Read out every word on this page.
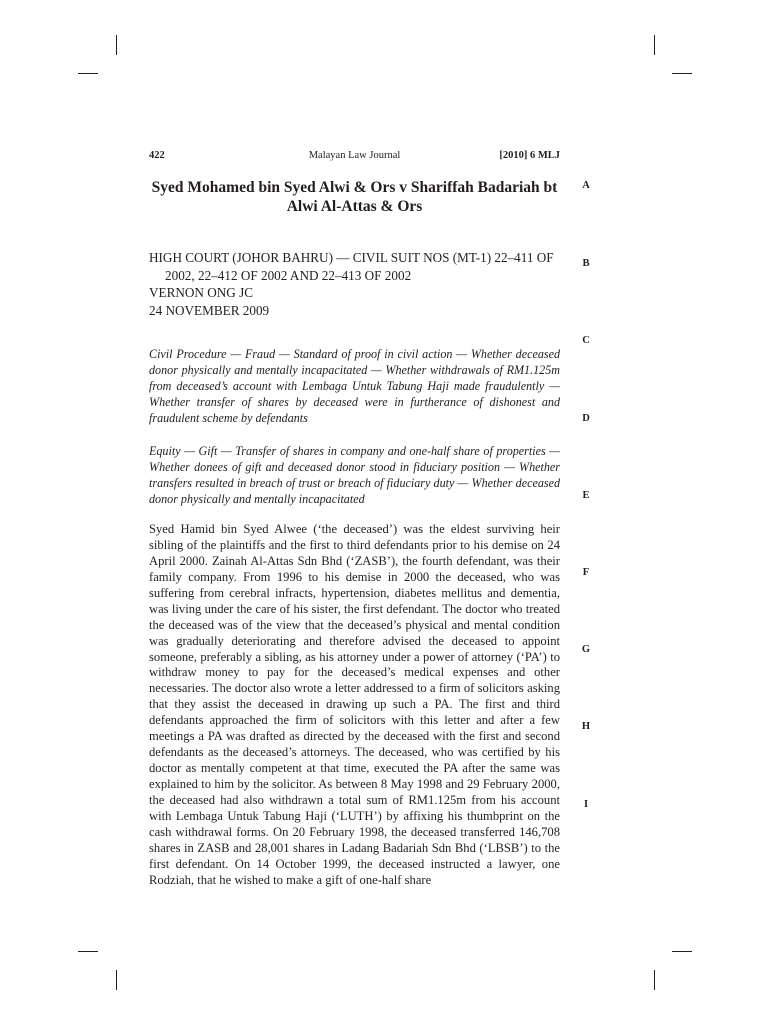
422	Malayan Law Journal	[2010] 6 MLJ
Syed Mohamed bin Syed Alwi & Ors v Shariffah Badariah bt Alwi Al-Attas & Ors
HIGH COURT (JOHOR BAHRU) — CIVIL SUIT NOS (MT-1) 22–411 OF 2002, 22–412 OF 2002 AND 22–413 OF 2002
VERNON ONG JC
24 NOVEMBER 2009

Civil Procedure — Fraud — Standard of proof in civil action — Whether deceased donor physically and mentally incapacitated — Whether withdrawals of RM1.125m from deceased’s account with Lembaga Untuk Tabung Haji made fraudulently — Whether transfer of shares by deceased were in furtherance of dishonest and fraudulent scheme by defendants

Equity — Gift — Transfer of shares in company and one-half share of properties — Whether donees of gift and deceased donor stood in fiduciary position — Whether transfers resulted in breach of trust or breach of fiduciary duty — Whether deceased donor physically and mentally incapacitated

Syed Hamid bin Syed Alwee (‘the deceased’) was the eldest surviving heir sibling of the plaintiffs and the first to third defendants prior to his demise on 24 April 2000. Zainah Al-Attas Sdn Bhd (‘ZASB’), the fourth defendant, was their family company. From 1996 to his demise in 2000 the deceased, who was suffering from cerebral infracts, hypertension, diabetes mellitus and dementia, was living under the care of his sister, the first defendant. The doctor who treated the deceased was of the view that the deceased’s physical and mental condition was gradually deteriorating and therefore advised the deceased to appoint someone, preferably a sibling, as his attorney under a power of attorney (‘PA’) to withdraw money to pay for the deceased’s medical expenses and other necessaries. The doctor also wrote a letter addressed to a firm of solicitors asking that they assist the deceased in drawing up such a PA. The first and third defendants approached the firm of solicitors with this letter and after a few meetings a PA was drafted as directed by the deceased with the first and second defendants as the deceased’s attorneys. The deceased, who was certified by his doctor as mentally competent at that time, executed the PA after the same was explained to him by the solicitor. As between 8 May 1998 and 29 February 2000, the deceased had also withdrawn a total sum of RM1.125m from his account with Lembaga Untuk Tabung Haji (‘LUTH’) by affixing his thumbprint on the cash withdrawal forms. On 20 February 1998, the deceased transferred 146,708 shares in ZASB and 28,001 shares in Ladang Badariah Sdn Bhd (‘LBSB’) to the first defendant. On 14 October 1999, the deceased instructed a lawyer, one Rodziah, that he wished to make a gift of one-half share

A
B
C
D
E
F
G
H
I
